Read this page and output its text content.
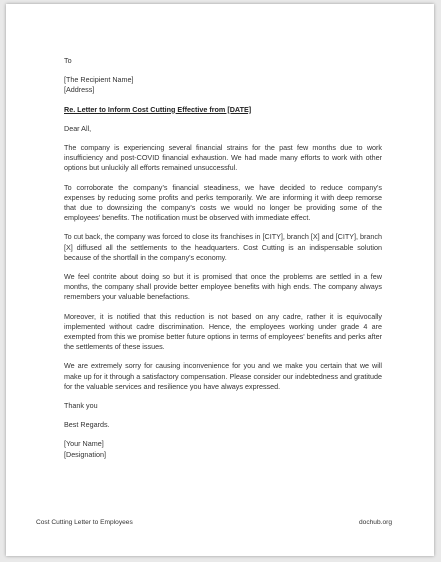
To

[The Recipient Name]
[Address]

Re. Letter to Inform Cost Cutting Effective from [DATE]

Dear All,

The company is experiencing several financial strains for the past few months due to work insufficiency and post-COVID financial exhaustion. We had made many efforts to work with other options but unluckily all efforts remained unsuccessful.

To corroborate the company’s financial steadiness, we have decided to reduce company’s expenses by reducing some profits and perks temporarily. We are informing it with deep remorse that due to downsizing the company’s costs we would no longer be providing some of the employees’ benefits. The notification must be observed with immediate effect.

To cut back, the company was forced to close its franchises in [CITY], branch [X] and [CITY], branch [X] diffused all the settlements to the headquarters. Cost Cutting is an indispensable solution because of the shortfall in the company’s economy.

We feel contrite about doing so but it is promised that once the problems are settled in a few months, the company shall provide better employee benefits with high ends. The company always remembers your valuable benefactions.

Moreover, it is notified that this reduction is not based on any cadre, rather it is equivocally implemented without cadre discrimination. Hence, the employees working under grade 4 are exempted from this we promise better future options in terms of employees’ benefits and perks after the settlements of these issues.

We are extremely sorry for causing inconvenience for you and we make you certain that we will make up for it through a satisfactory compensation. Please consider our indebtedness and gratitude for the valuable services and resilience you have always expressed.

Thank you

Best Regards.

[Your Name]
[Designation]

Cost Cutting Letter to Employees	dochub.org
